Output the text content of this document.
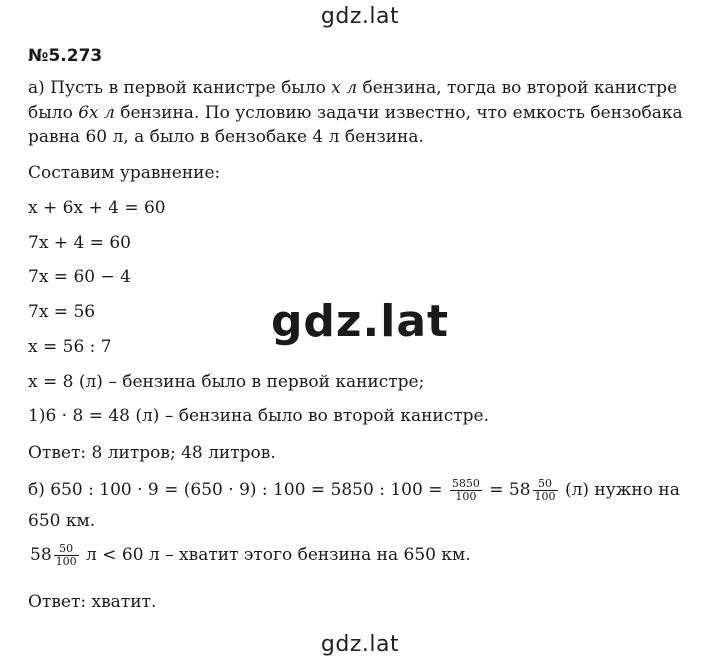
gdz.lat
gdz.lat
gdz.lat
№5.273
а) Пусть в первой канистре было x л бензина, тогда во второй канистре
было 6x л бензина. По условию задачи известно, что емкость бензобака
равна 60 л, а было в бензобаке 4 л бензина.
Составим уравнение:
x + 6x + 4 = 60
7x + 4 = 60
7x = 60 − 4
7x = 56
x = 56 : 7
x = 8 (л) – бензина было в первой канистре;
1)6 · 8 = 48 (л) – бензина было во второй канистре.
Ответ: 8 литров; 48 литров.
б) 650 : 100 · 9 = (650 · 9) : 100 = 5850 : $100 = \frac{5850}{100} = 58 \frac{50}{100} (л)$ нужно на
650 км.
$58 \frac{50}{100}$ л < 60 л – хватит этого бензина на 650 км.
Ответ: хватит.
